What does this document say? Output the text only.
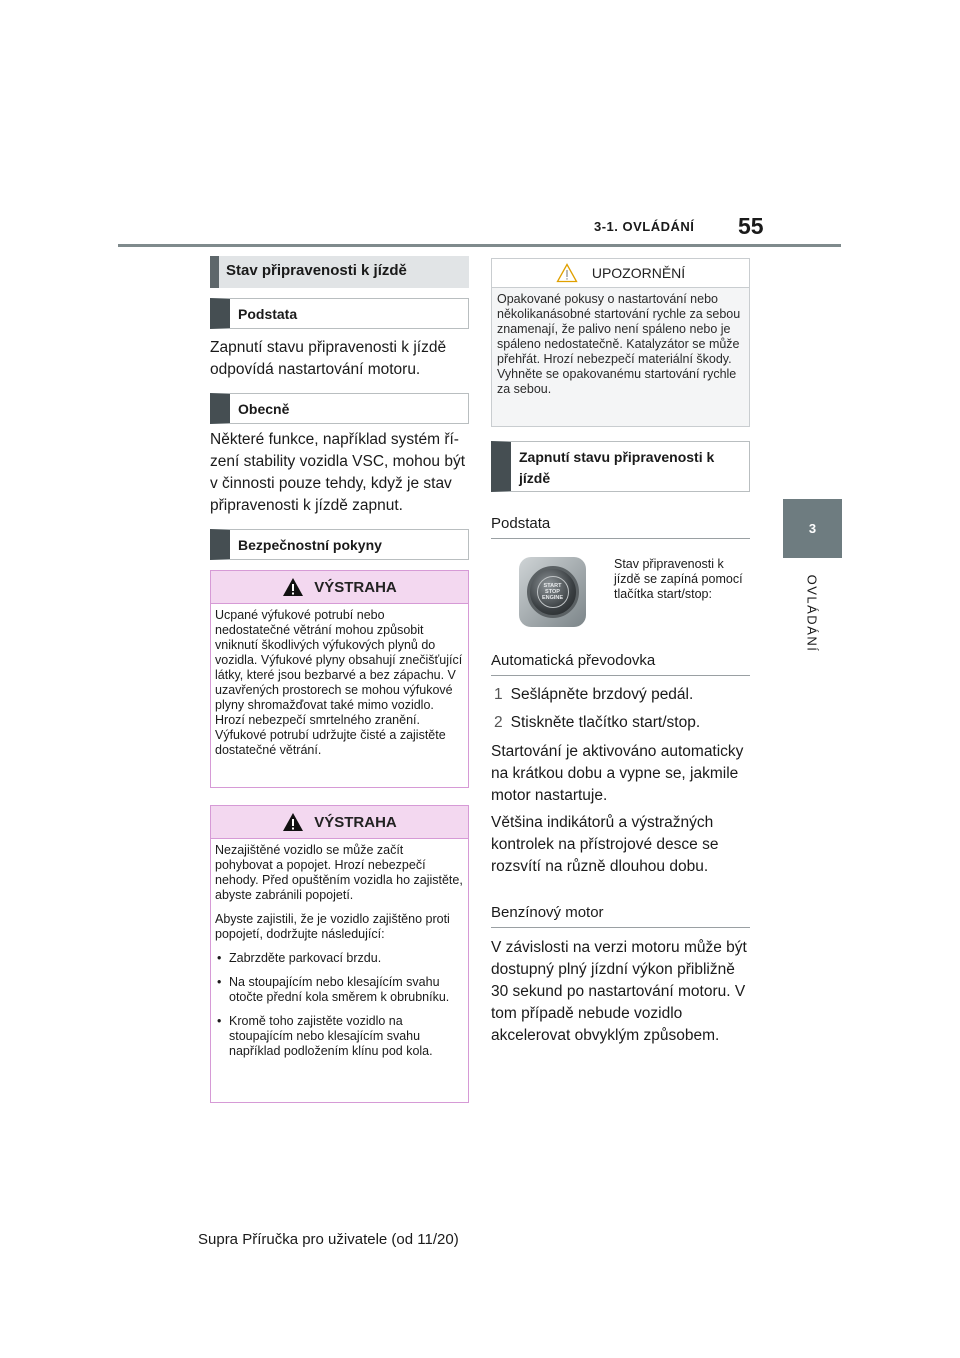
55
3-1. OVLÁDÁNÍ
3
OVLÁDÁNÍ
Stav připravenosti k jízdě
Podstata
Zapnutí stavu připravenosti k jízdě odpovídá nastartování motoru.
Obecně
Některé funkce, například systém ří-zení stability vozidla VSC, mohou být v činnosti pouze tehdy, když je stav připravenosti k jízdě zapnut.
Bezpečnostní pokyny
VÝSTRAHA

Ucpané výfukové potrubí nebo nedostatečné větrání mohou způsobit vniknutí škodlivých výfukových plynů do vozidla. Výfukové plyny obsahují znečišťující látky, které jsou bezbarvé a bez zápachu. V uzavřených prostorech se mohou výfukové plyny shromažďovat také mimo vozidlo. Hrozí nebezpečí smrtelného zranění. Výfukové potrubí udržujte čisté a zajistěte dostatečné větrání.

VÝSTRAHA

Nezajištěné vozidlo se může začít pohybovat a popojet. Hrozí nebezpečí nehody. Před opuštěním vozidla ho zajistěte, abyste zabránili popojetí.

Abyste zajistili, že je vozidlo zajištěno proti popojetí, dodržujte následující:

• Zabrzděte parkovací brzdu.
• Na stoupajícím nebo klesajícím svahu otočte přední kola směrem k obrubníku.
• Kromě toho zajistěte vozidlo na stoupajícím nebo klesajícím svahu například podložením klínu pod kola.
UPOZORNĚNÍ
Opakované pokusy o nastartování nebo několikanásobné startování rychle za sebou znamenají, že palivo není spáleno nebo je spáleno nedostatečně. Katalyzátor se může přehřát. Hrozí nebezpečí materiální škody. Vyhněte se opakovanému startování rychle za sebou.
Zapnutí stavu připravenosti k jízdě
Podstata
START
STOP
ENGINE
Stav připravenosti k jízdě se zapíná pomocí tlačítka start/stop:
Automatická převodovka
1 Sešlápněte brzdový pedál.
2 Stiskněte tlačítko start/stop.
Startování je aktivováno automaticky na krátkou dobu a vypne se, jakmile motor nastartuje.
Většina indikátorů a výstražných kontrolek na přístrojové desce se rozsvítí na různě dlouhou dobu.
Benzínový motor
V závislosti na verzi motoru může být dostupný plný jízdní výkon přibližně 30 sekund po nastartování motoru. V tom případě nebude vozidlo akcelerovat obvyklým způsobem.
Supra Příručka pro uživatele (od 11/20)
